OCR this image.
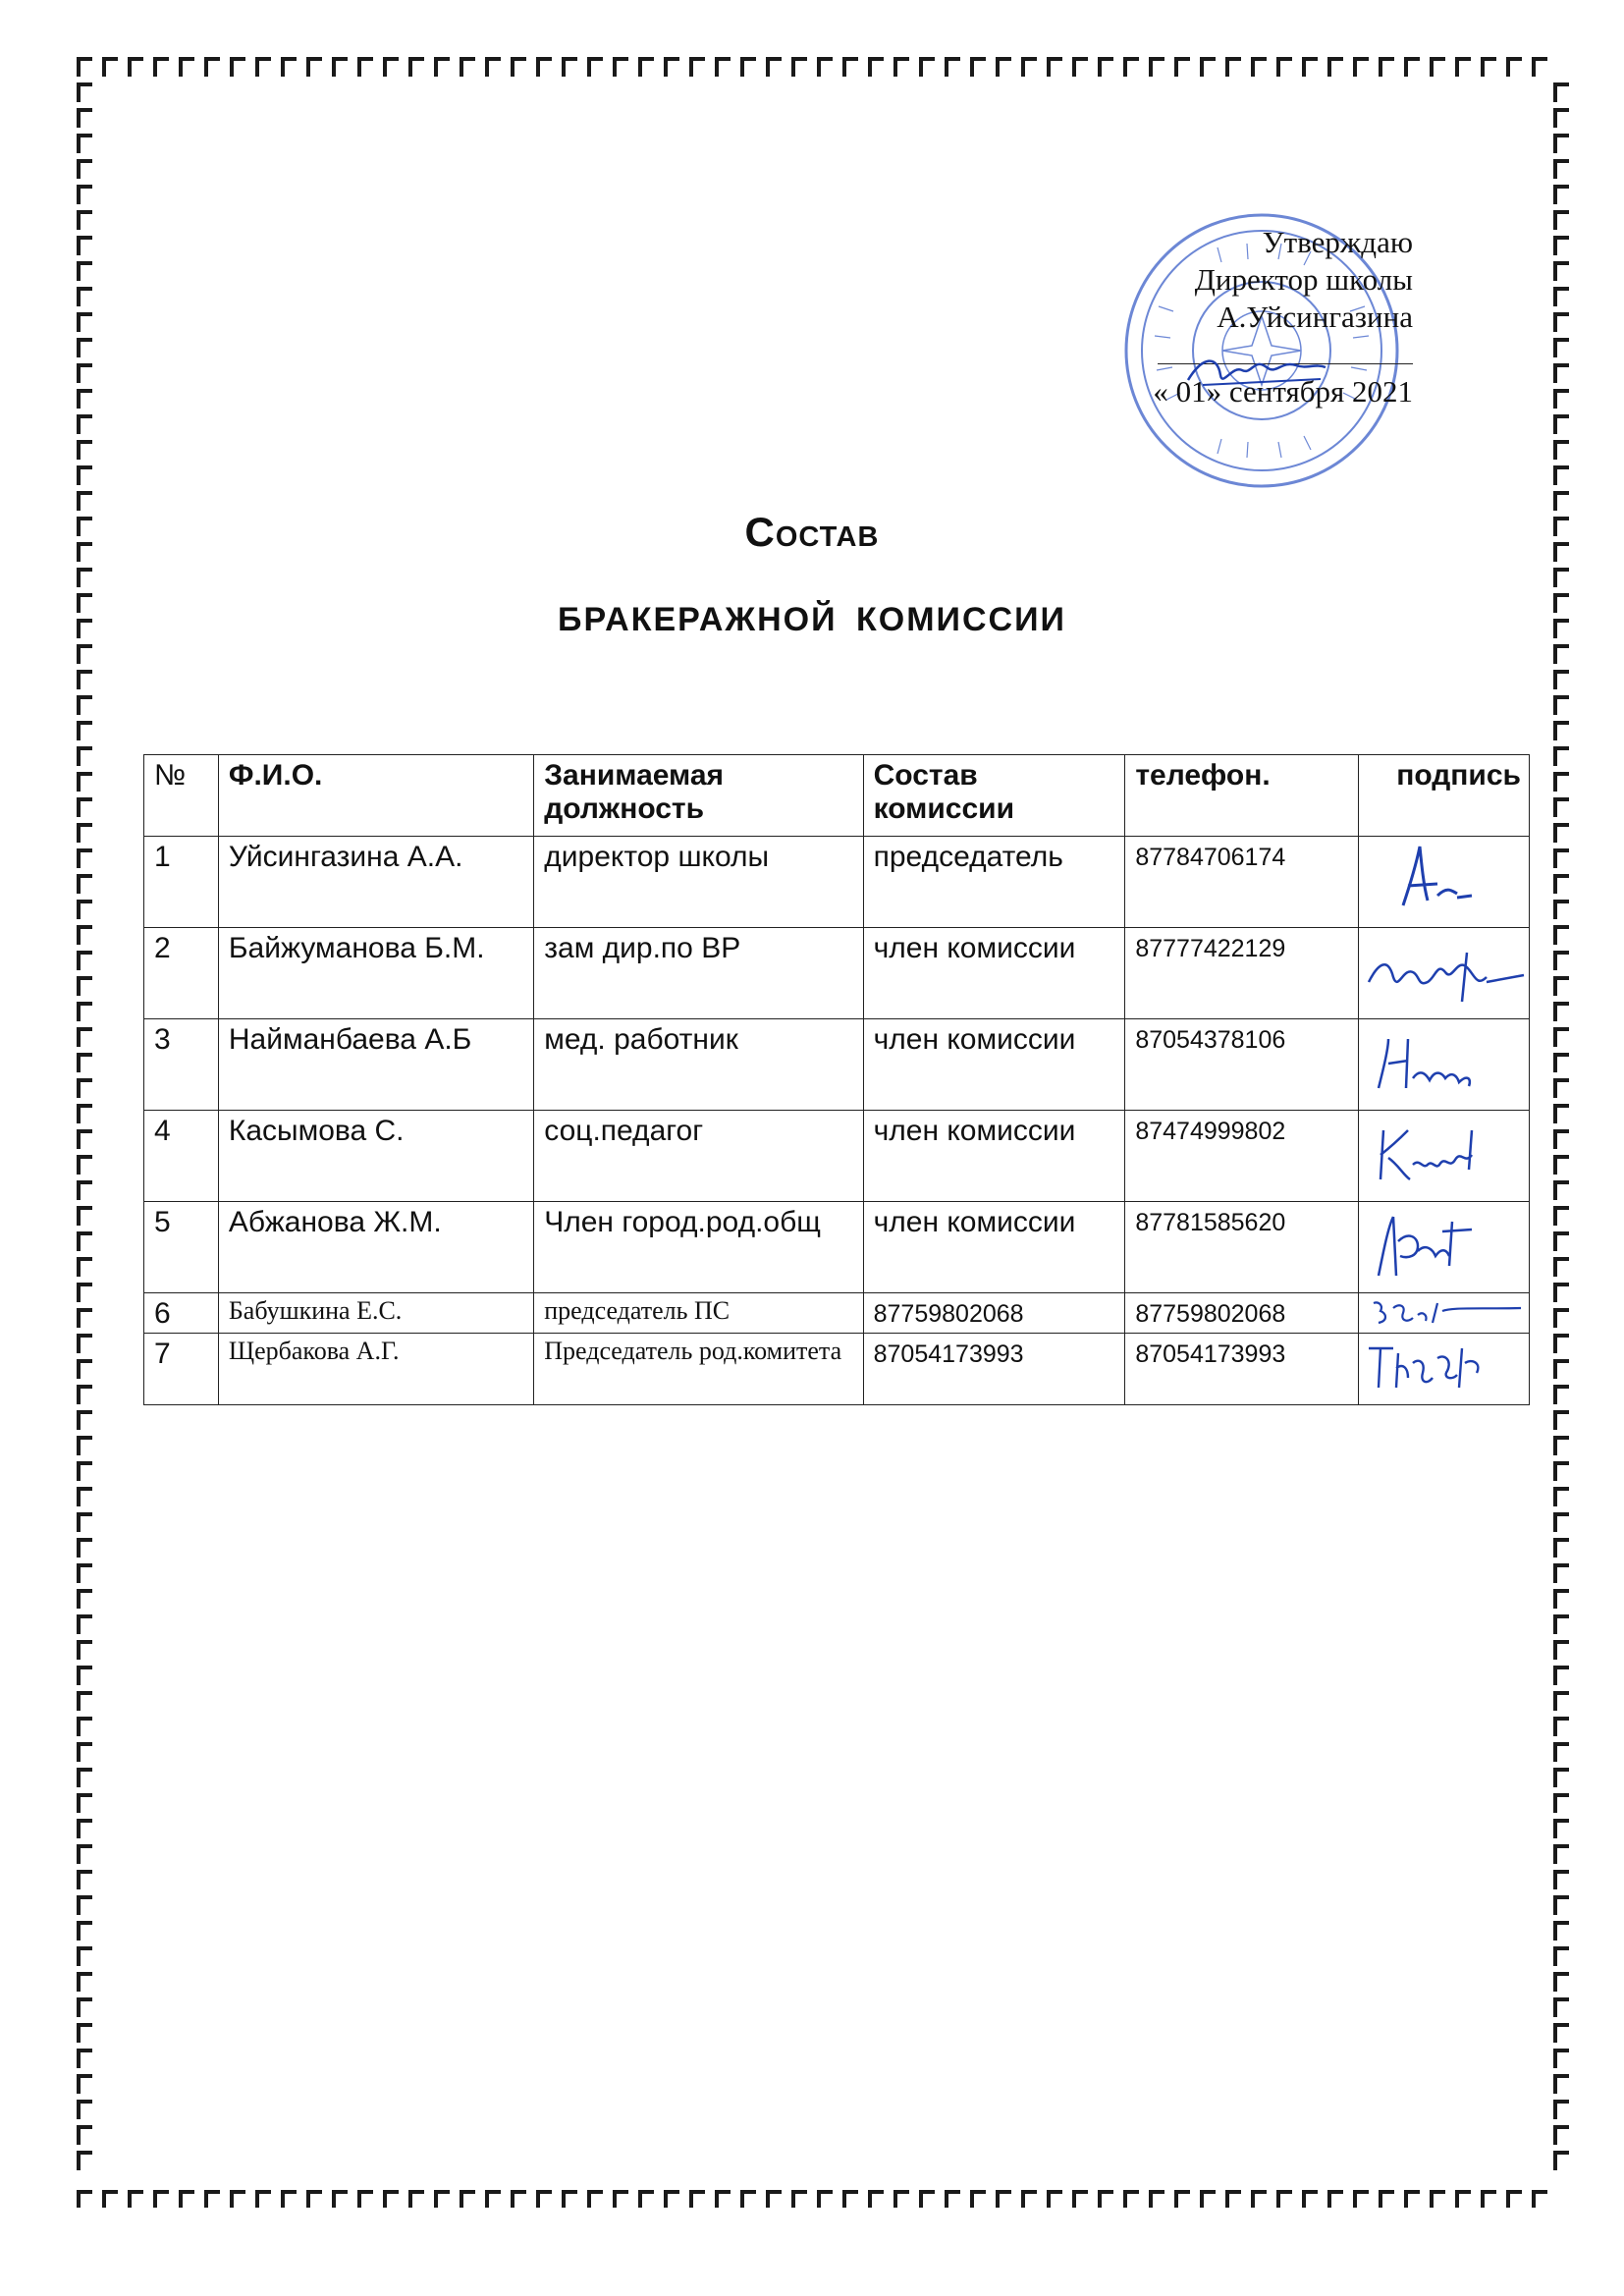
Утверждаю
Директор школы
А.Уйсингазина
« 01» сентября 2021
Состав
БРАКЕРАЖНОЙ КОМИССИИ
№	Ф.И.О.	Занимаемая должность	Состав комиссии	телефон.	подпись
1	Уйсингазина А.А.	директор школы	председатель	87784706174	

2	Байжуманова Б.М.	зам дир.по ВР	член комиссии	87777422129	

3	Найманбаева А.Б	мед. работник	член комиссии	87054378106	

4	Касымова С.	соц.педагог	член комиссии	87474999802	

5	Абжанова Ж.М.	Член город.род.общ	член комиссии	87781585620	

6	Бабушкина Е.С.	председатель ПС	87759802068	87759802068	

7	Щербакова А.Г.	Председатель род.комитета	87054173993	87054173993	
